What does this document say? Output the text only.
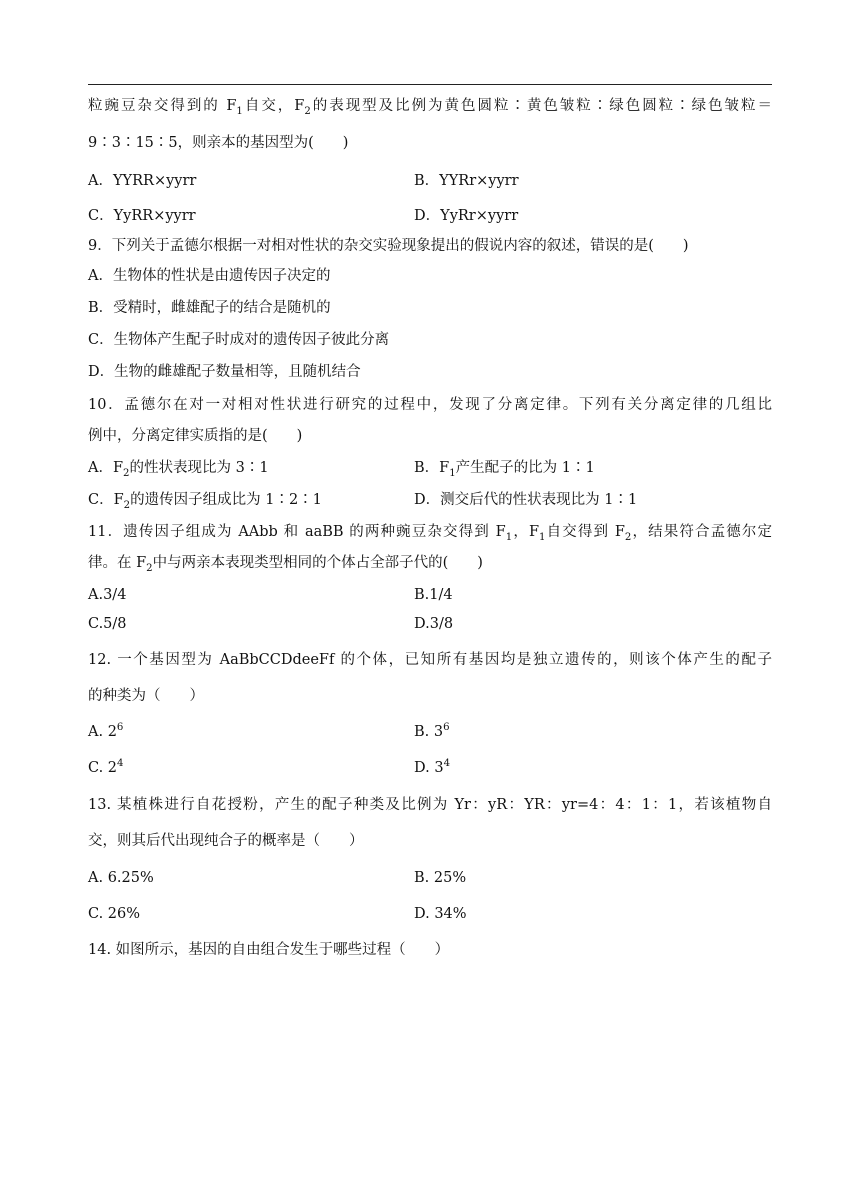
粒豌豆杂交得到的 $F_1$自交，$F_2$的表现型及比例为黄色圆粒∶黄色皱粒∶绿色圆粒∶绿色皱粒＝
9∶3∶15∶5，则亲本的基因型为(　　)
A．YYRR×yyrr	B．YYRr×yyrr
C．YyRR×yyrr	D．YyRr×yyrr
9．下列关于孟德尔根据一对相对性状的杂交实验现象提出的假说内容的叙述，错误的是(　　)
A．生物体的性状是由遗传因子决定的
B．受精时，雌雄配子的结合是随机的
C．生物体产生配子时成对的遗传因子彼此分离
D．生物的雌雄配子数量相等，且随机结合
10．孟德尔在对一对相对性状进行研究的过程中，发现了分离定律。下列有关分离定律的几组比
例中，分离定律实质指的是(　　)
A．$F_2$的性状表现比为 3∶1	B．$F_1$产生配子的比为 1∶1
C．$F_2$的遗传因子组成比为 1∶2∶1	D．测交后代的性状表现比为 1∶1
11．遗传因子组成为 AAbb 和 aaBB 的两种豌豆杂交得到 $F_1$，$F_1$自交得到 $F_2$，结果符合孟德尔定
律。在 $F_2$中与两亲本表现类型相同的个体占全部子代的(　　)
A.3/4	B.1/4
C.5/8	D.3/8
12. 一个基因型为 AaBbCCDdeeFf 的个体，已知所有基因均是独立遗传的，则该个体产生的配子
的种类为（　　）
A. $2^6$	B. $3^6$
C. $2^4$	D. $3^4$
13. 某植株进行自花授粉，产生的配子种类及比例为 Yr：yR：YR：yr=4：4：1：1，若该植物自
交，则其后代出现纯合子的概率是（　　）
A. 6.25%	B. 25%
C. 26%	D. 34%
14. 如图所示，基因的自由组合发生于哪些过程（　　）
